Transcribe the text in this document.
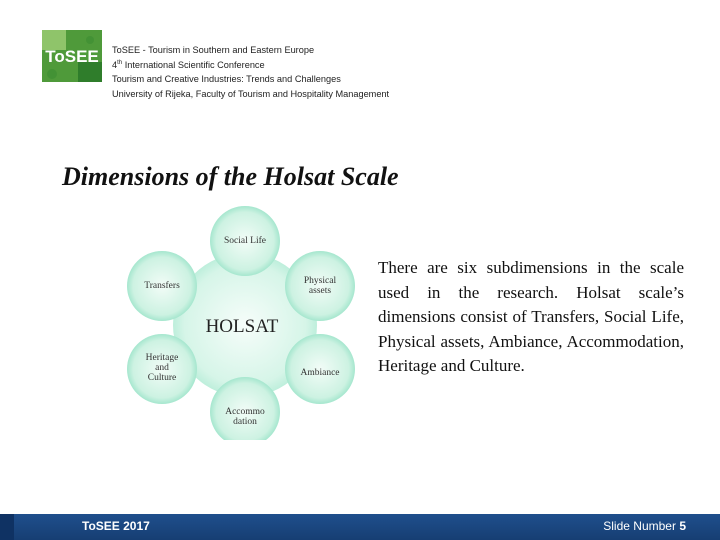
ToSEE ToSEE - Tourism in Southern and Eastern Europe
4th International Scientific Conference
Tourism and Creative Industries: Trends and Challenges
University of Rijeka, Faculty of Tourism and Hospitality Management
Dimensions of the Holsat Scale
Social Life
Physical assets
Ambiance
Accommo dation
Heritage and Culture
Transfers
HOLSAT
There are six subdimensions in the scale used in the research. Holsat scale’s dimensions consist of Transfers, Social Life, Physical assets, Ambiance, Accommodation, Heritage and Culture.
ToSEE 2017	Slide Number 5
